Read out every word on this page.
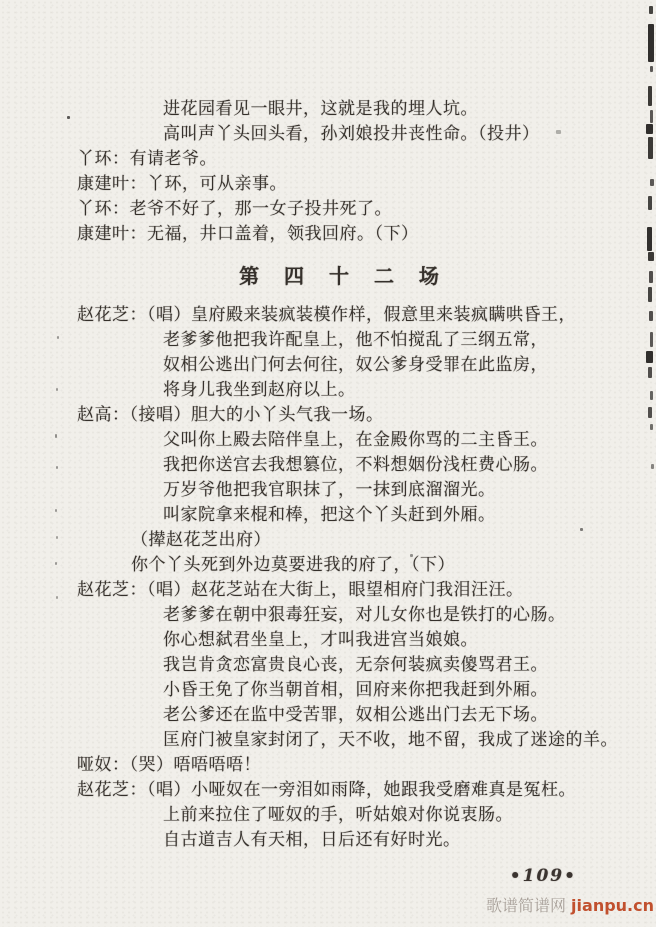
进花园看见一眼井，这就是我的埋人坑。
高叫声丫头回头看，孙刘娘投井丧性命。（投井）
丫环：有请老爷。
康建叶：丫环，可从亲事。
丫环：老爷不好了，那一女子投井死了。
康建叶：无福，井口盖着，领我回府。（下）
第 四 十 二 场
赵花芝：（唱）皇府殿来装疯装模作样，假意里来装疯瞒哄昏王，
老爹爹他把我许配皇上，他不怕搅乱了三纲五常，
奴相公逃出门何去何往，奴公爹身受罪在此监房，
将身儿我坐到赵府以上。
赵高：（接唱）胆大的小丫头气我一场。
父叫你上殿去陪伴皇上，在金殿你骂的二主昏王。
我把你送宫去我想篡位，不料想姻份浅枉费心肠。
万岁爷他把我官职抹了，一抹到底溜溜光。
叫家院拿来棍和棒，把这个丫头赶到外厢。
（撵赵花芝出府）
你个丫头死到外边莫要进我的府了，（下）
赵花芝：（唱）赵花芝站在大街上，眼望相府门我泪汪汪。
老爹爹在朝中狠毒狂妄，对儿女你也是铁打的心肠。
你心想弑君坐皇上，才叫我进宫当娘娘。
我岂肯贪恋富贵良心丧，无奈何装疯卖傻骂君王。
小昏王免了你当朝首相，回府来你把我赶到外厢。
老公爹还在监中受苦罪，奴相公逃出门去无下场。
匡府门被皇家封闭了，天不收，地不留，我成了迷途的羊。
哑奴：（哭）唔唔唔唔！
赵花芝：（唱）小哑奴在一旁泪如雨降，她跟我受磨难真是冤枉。
上前来拉住了哑奴的手，听姑娘对你说衷肠。
自古道吉人有天相，日后还有好时光。
•109•
歌谱简谱网 jianpu.cn
